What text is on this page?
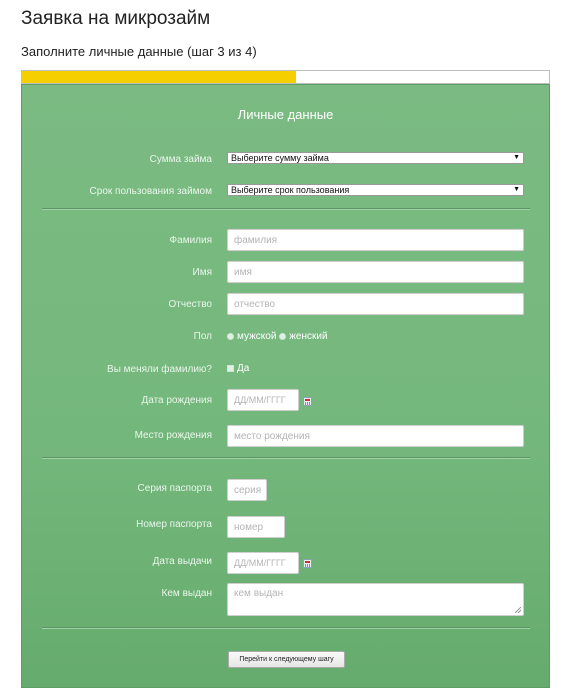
Заявка на микрозайм
Заполните личные данные (шаг 3 из 4)
Личные данные
Сумма займа	Выберите сумму займа	▼
Срок пользования займом	Выберите срок пользования	▼
Фамилия	фамилия
Имя	имя
Отчество	отчество
Пол	мужской женский
Вы меняли фамилию?	Да
Дата рождения	ДД/ММ/ГГГГ
Место рождения	место рождения
Серия паспорта	серия
Номер паспорта	номер
Дата выдачи	ДД/ММ/ГГГГ
Кем выдан	кем выдан
Перейти к следующему шагу
